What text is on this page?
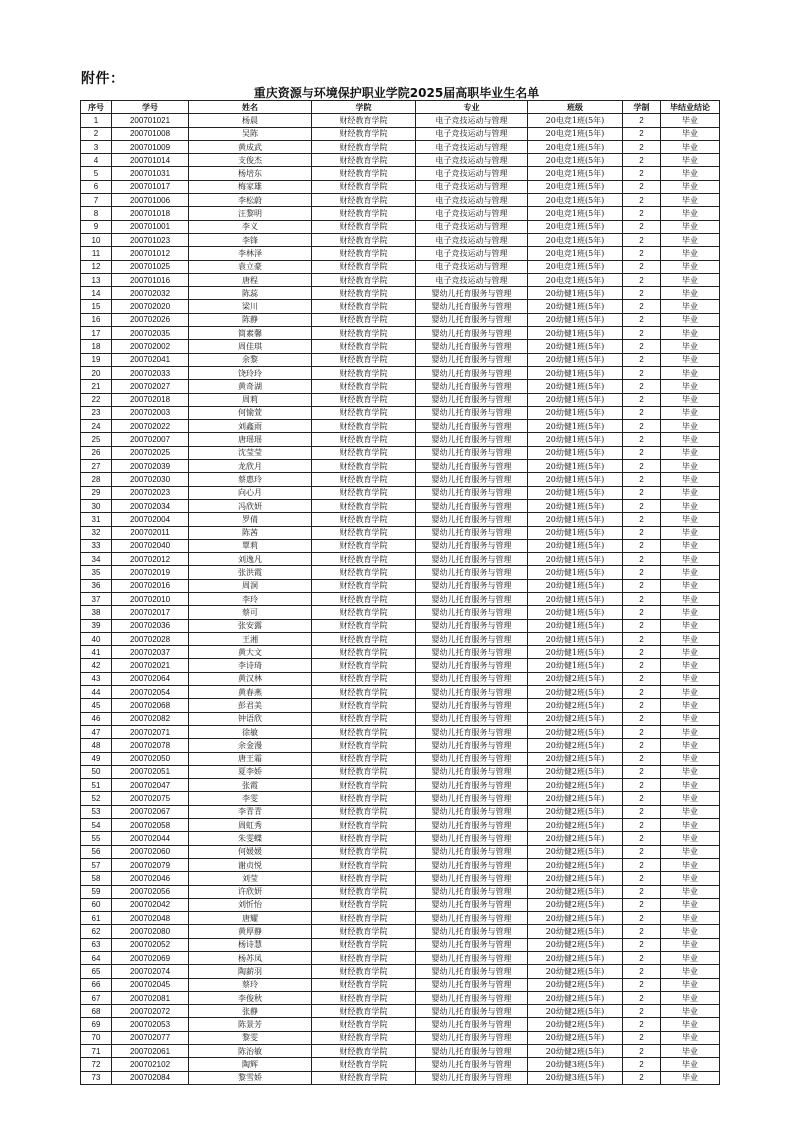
附件：
重庆资源与环境保护职业学院2025届高职毕业生名单
序号	学号	姓名	学院	专业	班级	学制	毕结业结论
1	200701021	杨晨	财经教育学院	电子竞技运动与管理	20电竞1班(5年)	2	毕业
2	200701008	吴陈	财经教育学院	电子竞技运动与管理	20电竞1班(5年)	2	毕业
3	200701009	黄成武	财经教育学院	电子竞技运动与管理	20电竞1班(5年)	2	毕业
4	200701014	支俊杰	财经教育学院	电子竞技运动与管理	20电竞1班(5年)	2	毕业
5	200701031	杨培东	财经教育学院	电子竞技运动与管理	20电竞1班(5年)	2	毕业
6	200701017	梅家雄	财经教育学院	电子竞技运动与管理	20电竞1班(5年)	2	毕业
7	200701006	李松蔚	财经教育学院	电子竞技运动与管理	20电竞1班(5年)	2	毕业
8	200701018	汪黎明	财经教育学院	电子竞技运动与管理	20电竞1班(5年)	2	毕业
9	200701001	李义	财经教育学院	电子竞技运动与管理	20电竞1班(5年)	2	毕业
10	200701023	李锋	财经教育学院	电子竞技运动与管理	20电竞1班(5年)	2	毕业
11	200701012	李林泽	财经教育学院	电子竞技运动与管理	20电竞1班(5年)	2	毕业
12	200701025	袁立豪	财经教育学院	电子竞技运动与管理	20电竞1班(5年)	2	毕业
13	200701016	唐程	财经教育学院	电子竞技运动与管理	20电竞1班(5年)	2	毕业
14	200702032	陈蕊	财经教育学院	婴幼儿托育服务与管理	20幼健1班(5年)	2	毕业
15	200702020	梁川	财经教育学院	婴幼儿托育服务与管理	20幼健1班(5年)	2	毕业
16	200702026	陈静	财经教育学院	婴幼儿托育服务与管理	20幼健1班(5年)	2	毕业
17	200702035	简素馨	财经教育学院	婴幼儿托育服务与管理	20幼健1班(5年)	2	毕业
18	200702002	周佳琪	财经教育学院	婴幼儿托育服务与管理	20幼健1班(5年)	2	毕业
19	200702041	余黎	财经教育学院	婴幼儿托育服务与管理	20幼健1班(5年)	2	毕业
20	200702033	饶玲玲	财经教育学院	婴幼儿托育服务与管理	20幼健1班(5年)	2	毕业
21	200702027	黄奇湖	财经教育学院	婴幼儿托育服务与管理	20幼健1班(5年)	2	毕业
22	200702018	周莉	财经教育学院	婴幼儿托育服务与管理	20幼健1班(5年)	2	毕业
23	200702003	何愉萱	财经教育学院	婴幼儿托育服务与管理	20幼健1班(5年)	2	毕业
24	200702022	刘鑫雨	财经教育学院	婴幼儿托育服务与管理	20幼健1班(5年)	2	毕业
25	200702007	唐瑶瑶	财经教育学院	婴幼儿托育服务与管理	20幼健1班(5年)	2	毕业
26	200702025	沈莹莹	财经教育学院	婴幼儿托育服务与管理	20幼健1班(5年)	2	毕业
27	200702039	龙欣月	财经教育学院	婴幼儿托育服务与管理	20幼健1班(5年)	2	毕业
28	200702030	蔡惠玲	财经教育学院	婴幼儿托育服务与管理	20幼健1班(5年)	2	毕业
29	200702023	向心月	财经教育学院	婴幼儿托育服务与管理	20幼健1班(5年)	2	毕业
30	200702034	冯欣妍	财经教育学院	婴幼儿托育服务与管理	20幼健1班(5年)	2	毕业
31	200702004	罗倩	财经教育学院	婴幼儿托育服务与管理	20幼健1班(5年)	2	毕业
32	200702011	陈茜	财经教育学院	婴幼儿托育服务与管理	20幼健1班(5年)	2	毕业
33	200702040	覃莉	财经教育学院	婴幼儿托育服务与管理	20幼健1班(5年)	2	毕业
34	200702012	刘逸凡	财经教育学院	婴幼儿托育服务与管理	20幼健1班(5年)	2	毕业
35	200702019	张洪霞	财经教育学院	婴幼儿托育服务与管理	20幼健1班(5年)	2	毕业
36	200702016	周洞	财经教育学院	婴幼儿托育服务与管理	20幼健1班(5年)	2	毕业
37	200702010	李玲	财经教育学院	婴幼儿托育服务与管理	20幼健1班(5年)	2	毕业
38	200702017	蔡可	财经教育学院	婴幼儿托育服务与管理	20幼健1班(5年)	2	毕业
39	200702036	张安露	财经教育学院	婴幼儿托育服务与管理	20幼健1班(5年)	2	毕业
40	200702028	王湘	财经教育学院	婴幼儿托育服务与管理	20幼健1班(5年)	2	毕业
41	200702037	黄大文	财经教育学院	婴幼儿托育服务与管理	20幼健1班(5年)	2	毕业
42	200702021	李诗琦	财经教育学院	婴幼儿托育服务与管理	20幼健1班(5年)	2	毕业
43	200702064	黄汉林	财经教育学院	婴幼儿托育服务与管理	20幼健2班(5年)	2	毕业
44	200702054	黄春燕	财经教育学院	婴幼儿托育服务与管理	20幼健2班(5年)	2	毕业
45	200702068	彭君美	财经教育学院	婴幼儿托育服务与管理	20幼健2班(5年)	2	毕业
46	200702082	钟语欣	财经教育学院	婴幼儿托育服务与管理	20幼健2班(5年)	2	毕业
47	200702071	徐敏	财经教育学院	婴幼儿托育服务与管理	20幼健2班(5年)	2	毕业
48	200702078	余金漫	财经教育学院	婴幼儿托育服务与管理	20幼健2班(5年)	2	毕业
49	200702050	唐王霜	财经教育学院	婴幼儿托育服务与管理	20幼健2班(5年)	2	毕业
50	200702051	夏李娇	财经教育学院	婴幼儿托育服务与管理	20幼健2班(5年)	2	毕业
51	200702047	张霞	财经教育学院	婴幼儿托育服务与管理	20幼健2班(5年)	2	毕业
52	200702075	李雯	财经教育学院	婴幼儿托育服务与管理	20幼健2班(5年)	2	毕业
53	200702067	李青青	财经教育学院	婴幼儿托育服务与管理	20幼健2班(5年)	2	毕业
54	200702058	周虹秀	财经教育学院	婴幼儿托育服务与管理	20幼健2班(5年)	2	毕业
55	200702044	朱雯蝶	财经教育学院	婴幼儿托育服务与管理	20幼健2班(5年)	2	毕业
56	200702060	何媛媛	财经教育学院	婴幼儿托育服务与管理	20幼健2班(5年)	2	毕业
57	200702079	谢贞悦	财经教育学院	婴幼儿托育服务与管理	20幼健2班(5年)	2	毕业
58	200702046	刘莹	财经教育学院	婴幼儿托育服务与管理	20幼健2班(5年)	2	毕业
59	200702056	许欣妍	财经教育学院	婴幼儿托育服务与管理	20幼健2班(5年)	2	毕业
60	200702042	刘忻怡	财经教育学院	婴幼儿托育服务与管理	20幼健2班(5年)	2	毕业
61	200702048	唐耀	财经教育学院	婴幼儿托育服务与管理	20幼健2班(5年)	2	毕业
62	200702080	黄厚静	财经教育学院	婴幼儿托育服务与管理	20幼健2班(5年)	2	毕业
63	200702052	杨诗慧	财经教育学院	婴幼儿托育服务与管理	20幼健2班(5年)	2	毕业
64	200702069	杨苏凤	财经教育学院	婴幼儿托育服务与管理	20幼健2班(5年)	2	毕业
65	200702074	陶薪羽	财经教育学院	婴幼儿托育服务与管理	20幼健2班(5年)	2	毕业
66	200702045	蔡玲	财经教育学院	婴幼儿托育服务与管理	20幼健2班(5年)	2	毕业
67	200702081	李俊秋	财经教育学院	婴幼儿托育服务与管理	20幼健2班(5年)	2	毕业
68	200702072	张静	财经教育学院	婴幼儿托育服务与管理	20幼健2班(5年)	2	毕业
69	200702053	陈景芳	财经教育学院	婴幼儿托育服务与管理	20幼健2班(5年)	2	毕业
70	200702077	黎雯	财经教育学院	婴幼儿托育服务与管理	20幼健2班(5年)	2	毕业
71	200702061	陈治敏	财经教育学院	婴幼儿托育服务与管理	20幼健2班(5年)	2	毕业
72	200702102	陶辉	财经教育学院	婴幼儿托育服务与管理	20幼健3班(5年)	2	毕业
73	200702084	黎雪娇	财经教育学院	婴幼儿托育服务与管理	20幼健3班(5年)	2	毕业
